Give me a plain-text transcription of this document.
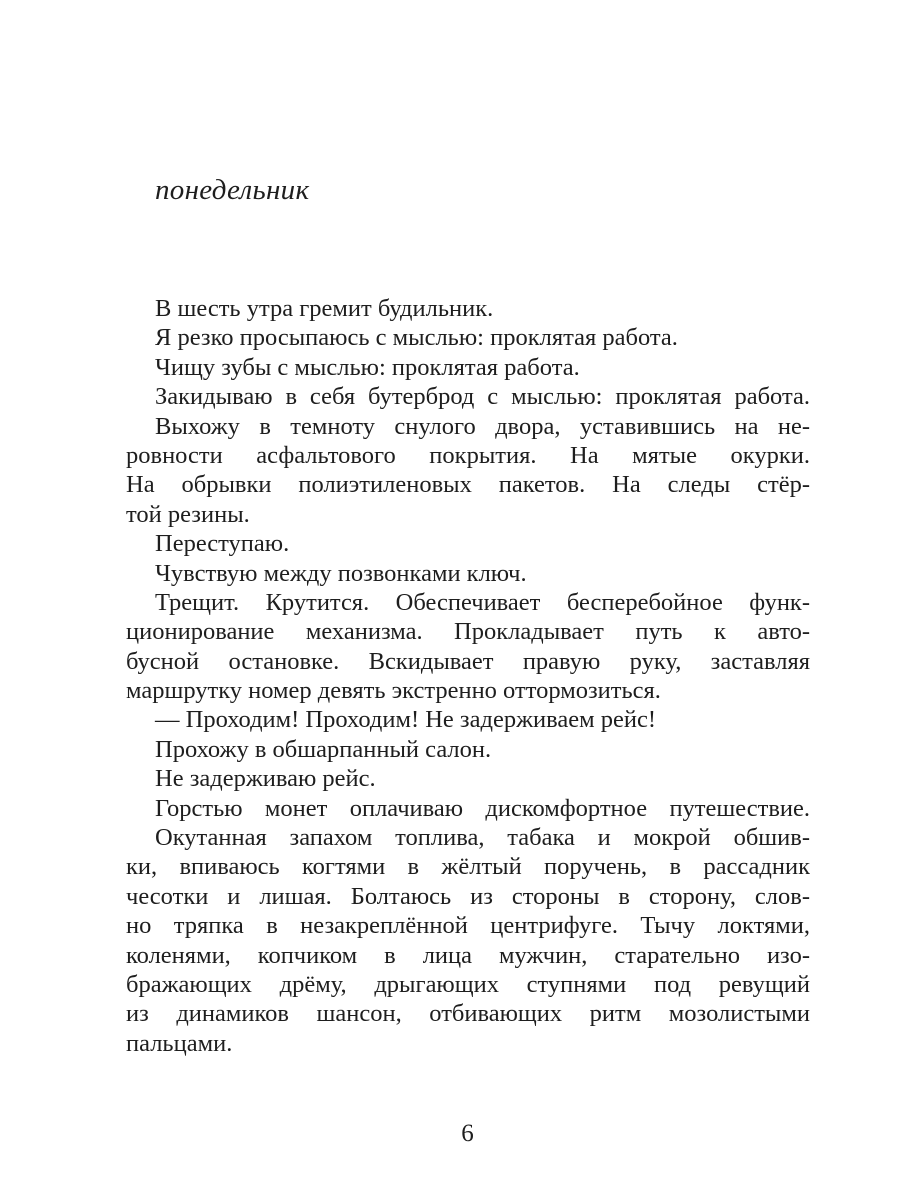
понедельник
В шесть утра гремит будильник.
Я резко просыпаюсь с мыслью: проклятая работа.
Чищу зубы с мыслью: проклятая работа.
Закидываю в себя бутерброд с мыслью: проклятая работа.
Выхожу в темноту снулого двора, уставившись на не-
ровности асфальтового покрытия. На мятые окурки.
На обрывки полиэтиленовых пакетов. На следы стёр-
той резины.
Переступаю.
Чувствую между позвонками ключ.
Трещит. Крутится. Обеспечивает бесперебойное функ-
ционирование механизма. Прокладывает путь к авто-
бусной остановке. Вскидывает правую руку, заставляя
маршрутку номер девять экстренно оттормозиться.
— Проходим! Проходим! Не задерживаем рейс!
Прохожу в обшарпанный салон.
Не задерживаю рейс.
Горстью монет оплачиваю дискомфортное путешествие.
Окутанная запахом топлива, табака и мокрой обшив-
ки, впиваюсь когтями в жёлтый поручень, в рассадник
чесотки и лишая. Болтаюсь из стороны в сторону, слов-
но тряпка в незакреплённой центрифуге. Тычу локтями,
коленями, копчиком в лица мужчин, старательно изо-
бражающих дрёму, дрыгающих ступнями под ревущий
из динамиков шансон, отбивающих ритм мозолистыми
пальцами.
6
